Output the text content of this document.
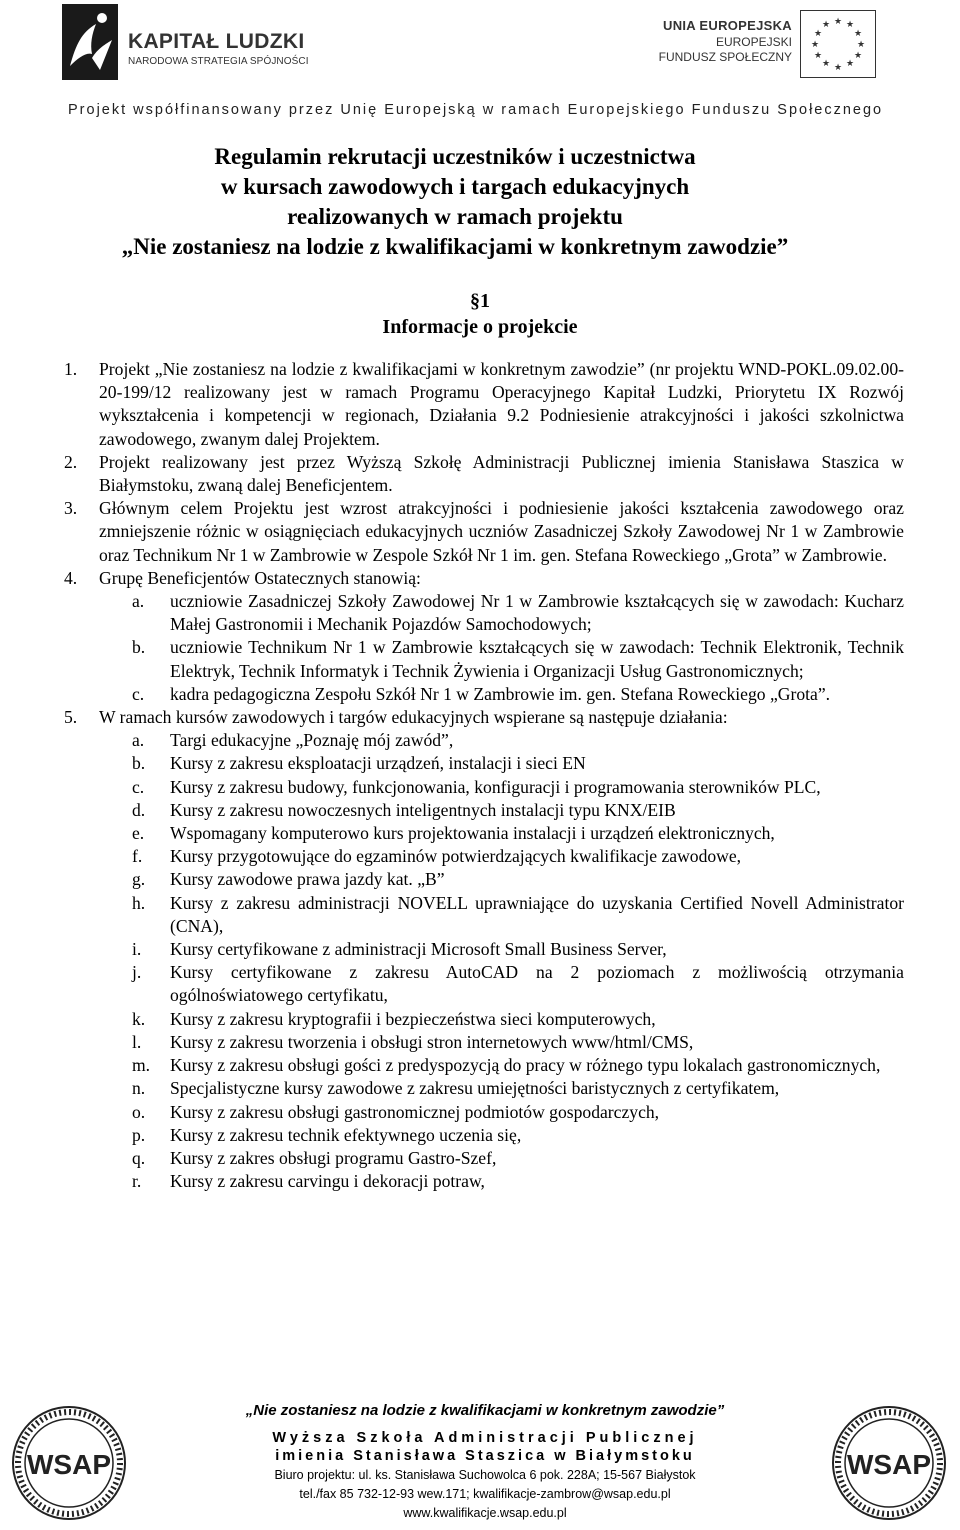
KAPITAŁ LUDZKI
NARODOWA STRATEGIA SPÓJNOŚCI
UNIA EUROPEJSKA
EUROPEJSKI
FUNDUSZ SPOŁECZNY
★ ★
★
★
★
★
★
★
★
★
★
★
Projekt współfinansowany przez Unię Europejską w ramach Europejskiego Funduszu Społecznego
Regulamin rekrutacji uczestników i uczestnictwa
w kursach zawodowych i targach edukacyjnych
realizowanych w ramach projektu
„Nie zostaniesz na lodzie z kwalifikacjami w konkretnym zawodzie”
§1
Informacje o projekcie
1. Projekt „Nie zostaniesz na lodzie z kwalifikacjami w konkretnym zawodzie” (nr projektu WND-POKL.09.02.00-20-199/12 realizowany jest w ramach Programu Operacyjnego Kapitał Ludzki, Priorytetu IX Rozwój wykształcenia i kompetencji w regionach, Działania 9.2 Podniesienie atrakcyjności i jakości szkolnictwa zawodowego, zwanym dalej Projektem.
2. Projekt realizowany jest przez Wyższą Szkołę Administracji Publicznej imienia Stanisława Staszica w Białymstoku, zwaną dalej Beneficjentem.
3. Głównym celem Projektu jest wzrost atrakcyjności i podniesienie jakości kształcenia zawodowego oraz zmniejszenie różnic w osiągnięciach edukacyjnych uczniów Zasadniczej Szkoły Zawodowej Nr 1 w Zambrowie oraz Technikum Nr 1 w Zambrowie w Zespole Szkół Nr 1 im. gen. Stefana Roweckiego „Grota” w Zambrowie.
4. Grupę Beneficjentów Ostatecznych stanowią:
a. uczniowie Zasadniczej Szkoły Zawodowej Nr 1 w Zambrowie kształcących się w zawodach: Kucharz Małej Gastronomii i Mechanik Pojazdów Samochodowych;
b. uczniowie Technikum Nr 1 w Zambrowie kształcących się w zawodach: Technik Elektronik, Technik Elektryk, Technik Informatyk i Technik Żywienia i Organizacji Usług Gastronomicznych;
c. kadra pedagogiczna Zespołu Szkół Nr 1 w Zambrowie im. gen. Stefana Roweckiego „Grota”.
5. W ramach kursów zawodowych i targów edukacyjnych wspierane są następuje działania:
a. Targi edukacyjne „Poznaję mój zawód”,
b. Kursy z zakresu eksploatacji urządzeń, instalacji i sieci EN
c. Kursy z zakresu budowy, funkcjonowania, konfiguracji i programowania sterowników PLC,
d. Kursy z zakresu nowoczesnych inteligentnych instalacji typu KNX/EIB
e. Wspomagany komputerowo kurs projektowania instalacji i urządzeń elektronicznych,
f. Kursy przygotowujące do egzaminów potwierdzających kwalifikacje zawodowe,
g. Kursy zawodowe prawa jazdy kat. „B”
h. Kursy z zakresu administracji NOVELL uprawniające do uzyskania Certified Novell Administrator (CNA),
i. Kursy certyfikowane z administracji Microsoft Small Business Server,
j. Kursy certyfikowane z zakresu AutoCAD na 2 poziomach z możliwością otrzymania ogólnoświatowego certyfikatu,
k. Kursy z zakresu kryptografii i bezpieczeństwa sieci komputerowych,
l. Kursy z zakresu tworzenia i obsługi stron internetowych www/html/CMS,
m. Kursy z zakresu obsługi gości z predyspozycją do pracy w różnego typu lokalach gastronomicznych,
n. Specjalistyczne kursy zawodowe z zakresu umiejętności baristycznych z certyfikatem,
o. Kursy z zakresu obsługi gastronomicznej podmiotów gospodarczych,
p. Kursy z zakresu technik efektywnego uczenia się,
q. Kursy z zakres obsługi programu Gastro-Szef,
r. Kursy z zakresu carvingu i dekoracji potraw,
WSAP
„Nie zostaniesz na lodzie z kwalifikacjami w konkretnym zawodzie”
Wyższa Szkoła Administracji Publicznej
imienia Stanisława Staszica w Białymstoku
Biuro projektu: ul. ks. Stanisława Suchowolca 6 pok. 228A; 15-567 Białystok
tel./fax 85 732-12-93 wew.171; kwalifikacje-zambrow@wsap.edu.pl
www.kwalifikacje.wsap.edu.pl
WSAP
